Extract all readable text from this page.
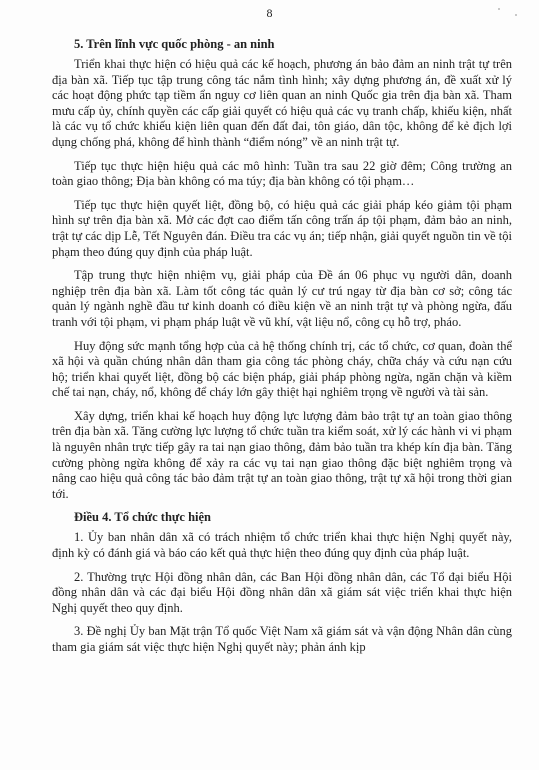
8
5. Trên lĩnh vực quốc phòng - an ninh

Triển khai thực hiện có hiệu quả các kế hoạch, phương án bảo đảm an ninh trật tự trên địa bàn xã. Tiếp tục tập trung công tác nắm tình hình; xây dựng phương án, đề xuất xử lý các hoạt động phức tạp tiềm ẩn nguy cơ liên quan an ninh Quốc gia trên địa bàn xã. Tham mưu cấp ủy, chính quyền các cấp giải quyết có hiệu quả các vụ tranh chấp, khiếu kiện, nhất là các vụ tổ chức khiếu kiện liên quan đến đất đai, tôn giáo, dân tộc, không để kẻ địch lợi dụng chống phá, không để hình thành “điểm nóng” về an ninh trật tự.

Tiếp tục thực hiện hiệu quả các mô hình: Tuần tra sau 22 giờ đêm; Công trường an toàn giao thông; Địa bàn không có ma túy; địa bàn không có tội phạm…

Tiếp tục thực hiện quyết liệt, đồng bộ, có hiệu quả các giải pháp kéo giảm tội phạm hình sự trên địa bàn xã. Mở các đợt cao điểm tấn công trấn áp tội phạm, đảm bảo an ninh, trật tự các dịp Lễ, Tết Nguyên đán. Điều tra các vụ án; tiếp nhận, giải quyết nguồn tin về tội phạm theo đúng quy định của pháp luật.

Tập trung thực hiện nhiệm vụ, giải pháp của Đề án 06 phục vụ người dân, doanh nghiệp trên địa bàn xã. Làm tốt công tác quản lý cư trú ngay từ địa bàn cơ sở; công tác quản lý ngành nghề đầu tư kinh doanh có điều kiện về an ninh trật tự và phòng ngừa, đấu tranh với tội phạm, vi phạm pháp luật về vũ khí, vật liệu nổ, công cụ hỗ trợ, pháo.

Huy động sức mạnh tổng hợp của cả hệ thống chính trị, các tổ chức, cơ quan, đoàn thể xã hội và quần chúng nhân dân tham gia công tác phòng cháy, chữa cháy và cứu nạn cứu hộ; triển khai quyết liệt, đồng bộ các biện pháp, giải pháp phòng ngừa, ngăn chặn và kiềm chế tai nạn, cháy, nổ, không để cháy lớn gây thiệt hại nghiêm trọng về người và tài sản.

Xây dựng, triển khai kế hoạch huy động lực lượng đảm bảo trật tự an toàn giao thông trên địa bàn xã. Tăng cường lực lượng tổ chức tuần tra kiểm soát, xử lý các hành vi vi phạm là nguyên nhân trực tiếp gây ra tai nạn giao thông, đảm bảo tuần tra khép kín địa bàn. Tăng cường phòng ngừa không để xảy ra các vụ tai nạn giao thông đặc biệt nghiêm trọng và nâng cao hiệu quả công tác bảo đảm trật tự an toàn giao thông, trật tự xã hội trong thời gian tới.

Điều 4. Tổ chức thực hiện

1. Ủy ban nhân dân xã có trách nhiệm tổ chức triển khai thực hiện Nghị quyết này, định kỳ có đánh giá và báo cáo kết quả thực hiện theo đúng quy định của pháp luật.

2. Thường trực Hội đồng nhân dân, các Ban Hội đồng nhân dân, các Tổ đại biểu Hội đồng nhân dân và các đại biểu Hội đồng nhân dân xã giám sát việc triển khai thực hiện Nghị quyết theo quy định.

3. Đề nghị Ủy ban Mặt trận Tổ quốc Việt Nam xã giám sát và vận động Nhân dân cùng tham gia giám sát việc thực hiện Nghị quyết này; phản ánh kịp
